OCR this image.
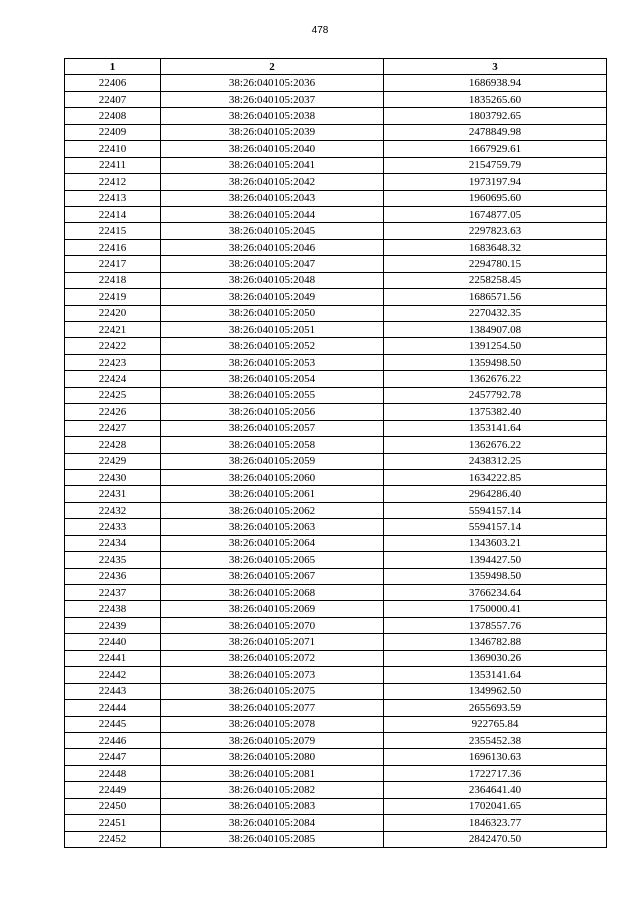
478
1	2	3
22406	38:26:040105:2036	1686938.94
22407	38:26:040105:2037	1835265.60
22408	38:26:040105:2038	1803792.65
22409	38:26:040105:2039	2478849.98
22410	38:26:040105:2040	1667929.61
22411	38:26:040105:2041	2154759.79
22412	38:26:040105:2042	1973197.94
22413	38:26:040105:2043	1960695.60
22414	38:26:040105:2044	1674877.05
22415	38:26:040105:2045	2297823.63
22416	38:26:040105:2046	1683648.32
22417	38:26:040105:2047	2294780.15
22418	38:26:040105:2048	2258258.45
22419	38:26:040105:2049	1686571.56
22420	38:26:040105:2050	2270432.35
22421	38:26:040105:2051	1384907.08
22422	38:26:040105:2052	1391254.50
22423	38:26:040105:2053	1359498.50
22424	38:26:040105:2054	1362676.22
22425	38:26:040105:2055	2457792.78
22426	38:26:040105:2056	1375382.40
22427	38:26:040105:2057	1353141.64
22428	38:26:040105:2058	1362676.22
22429	38:26:040105:2059	2438312.25
22430	38:26:040105:2060	1634222.85
22431	38:26:040105:2061	2964286.40
22432	38:26:040105:2062	5594157.14
22433	38:26:040105:2063	5594157.14
22434	38:26:040105:2064	1343603.21
22435	38:26:040105:2065	1394427.50
22436	38:26:040105:2067	1359498.50
22437	38:26:040105:2068	3766234.64
22438	38:26:040105:2069	1750000.41
22439	38:26:040105:2070	1378557.76
22440	38:26:040105:2071	1346782.88
22441	38:26:040105:2072	1369030.26
22442	38:26:040105:2073	1353141.64
22443	38:26:040105:2075	1349962.50
22444	38:26:040105:2077	2655693.59
22445	38:26:040105:2078	922765.84
22446	38:26:040105:2079	2355452.38
22447	38:26:040105:2080	1696130.63
22448	38:26:040105:2081	1722717.36
22449	38:26:040105:2082	2364641.40
22450	38:26:040105:2083	1702041.65
22451	38:26:040105:2084	1846323.77
22452	38:26:040105:2085	2842470.50
